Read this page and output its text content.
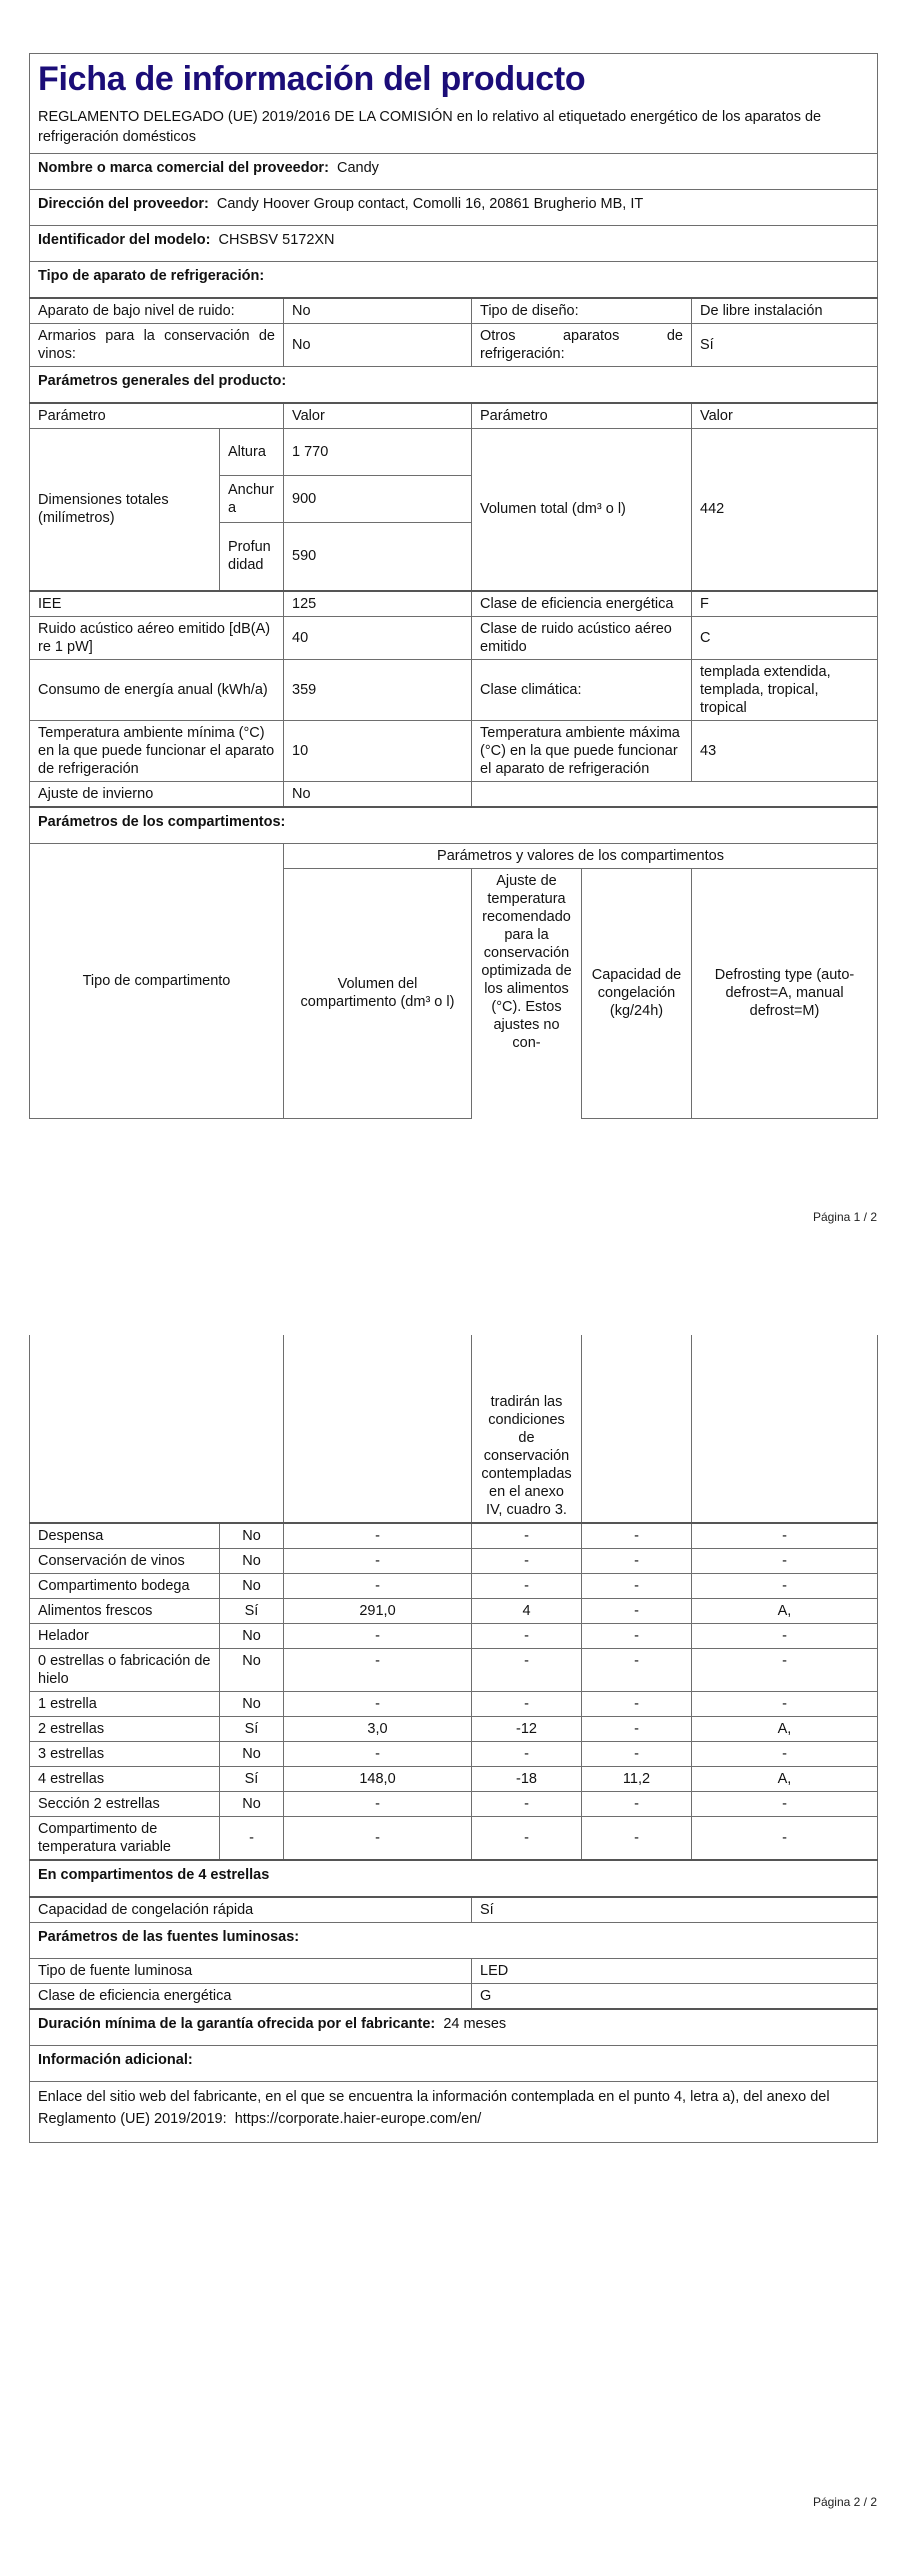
Ficha de información del producto					

REGLAMENTO DELEGADO (UE) 2019/2016 DE LA COMISIÓN en lo relativo al etiquetado energético de los aparatos de refrigeración domésticos					
Nombre o marca comercial del proveedor: Candy					
Dirección del proveedor: Candy Hoover Group contact, Comolli 16, 20861 Brugherio MB, IT					
Identificador del modelo: CHSBSV 5172XN					
Tipo de aparato de refrigeración:					
Aparato de bajo nivel de ruido:		No	Tipo de diseño:		De libre instalación
Armarios para la conservación de vinos:		No	Otros aparatos de refrigeración:		Sí
Parámetros generales del producto:					
Parámetro		Valor	Parámetro		Valor
Dimensiones totales (milímetros)	Altura	1 770	Volumen total (dm³ o l)		442
	Anchura	900			
	Profundidad	590			
IEE		125	Clase de eficiencia energética		F
Ruido acústico aéreo emitido [dB(A) re 1 pW]		40	Clase de ruido acústico aéreo emitido		C
Consumo de energía anual (kWh/a)		359	Clase climática:		templada extendida, templada, tropical, tropical
Temperatura ambiente mínima (°C) en la que puede funcionar el aparato de refrigeración		10	Temperatura ambiente máxima (°C) en la que puede funcionar el aparato de refrigeración		43
Ajuste de invierno		No			
Parámetros de los compartimentos:					
Tipo de compartimento		Parámetros y valores de los compartimentos			
		Volumen del compartimento (dm³ o l)	Ajuste de temperatura recomendado para la conservación optimizada de los alimentos (°C). Estos ajustes no con-	Capacidad de congelación (kg/24h)	Defrosting type (auto-defrost=A, manual defrost=M)
Página 1 / 2
			tradirán las condiciones de conservación contempladas en el anexo IV, cuadro 3.		
Despensa	No	-	-	-	-
Conservación de vinos	No	-	-	-	-
Compartimento bodega	No	-	-	-	-
Alimentos frescos	Sí	291,0	4	-	A,
Helador	No	-	-	-	-
0 estrellas o fabricación de hielo	No	-	-	-	-
1 estrella	No	-	-	-	-
2 estrellas	Sí	3,0	-12	-	A,
3 estrellas	No	-	-	-	-
4 estrellas	Sí	148,0	-18	11,2	A,
Sección 2 estrellas	No	-	-	-	-
Compartimento de temperatura variable	-	-	-	-	-
En compartimentos de 4 estrellas					
Capacidad de congelación rápida			Sí		
Parámetros de las fuentes luminosas:					
Tipo de fuente luminosa			LED		
Clase de eficiencia energética			G		
Duración mínima de la garantía ofrecida por el fabricante: 24 meses					
Información adicional:					
Enlace del sitio web del fabricante, en el que se encuentra la información contemplada en el punto 4, letra a), del anexo del Reglamento (UE) 2019/2019: https://corporate.haier-europe.com/en/					
Página 2 / 2
